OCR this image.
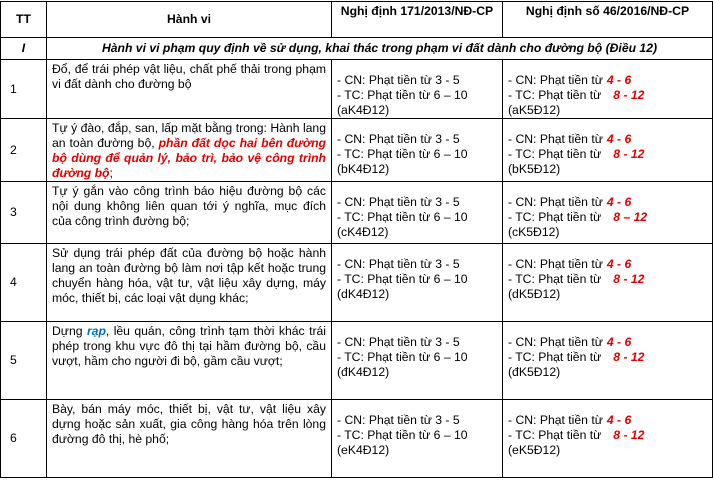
TT	Hành vi	Nghị định 171/2013/NĐ-CP	Nghị định số 46/2016/NĐ-CP
I	Hành vi vi phạm quy định về sử dụng, khai thác trong phạm vi đất dành cho đường bộ (Điều 12)		
1	Đổ, để trái phép vật liệu, chất phế thải trong phạm vi đất dành cho đường bộ	- CN: Phạt tiền từ 3 - 5
- TC: Phạt tiền từ 6 – 10
(aK4Đ12)	- CN: Phạt tiền từ 4 - 6
- TC: Phạt tiền từ 8 - 12
(aK5Đ12)

2	Tự ý đào, đắp, san, lấp mặt bằng trong: Hành lang an toàn đường bộ, phần đất dọc hai bên đường bộ dùng để quản lý, bảo trì, bảo vệ công trình đường bộ;	- CN: Phạt tiền từ 3 - 5
- TC: Phạt tiền từ 6 – 10
(bK4Đ12)	- CN: Phạt tiền từ 4 - 6
- TC: Phạt tiền từ 8 - 12
(bK5Đ12)

3	Tự ý gắn vào công trình báo hiệu đường bộ các nội dung không liên quan tới ý nghĩa, mục đích của công trình đường bộ;	- CN: Phạt tiền từ 3 - 5
- TC: Phạt tiền từ 6 – 10
(cK4Đ12)	- CN: Phạt tiền từ 4 - 6
- TC: Phạt tiền từ 8 – 12
(cK5Đ12)

4	Sử dụng trái phép đất của đường bộ hoặc hành lang an toàn đường bộ làm nơi tập kết hoặc trung chuyển hàng hóa, vật tư, vật liệu xây dựng, máy móc, thiết bị, các loại vật dụng khác;	- CN: Phạt tiền từ 3 - 5
- TC: Phạt tiền từ 6 – 10
(dK4Đ12)	- CN: Phạt tiền từ 4 - 6
- TC: Phạt tiền từ 8 - 12
(dK5Đ12)

5	Dựng rạp, lều quán, công trình tạm thời khác trái phép trong khu vực đô thị tại hầm đường bộ, cầu vượt, hầm cho người đi bộ, gầm cầu vượt;	- CN: Phạt tiền từ 3 - 5
- TC: Phạt tiền từ 6 – 10
(đK4Đ12)	- CN: Phạt tiền từ 4 - 6
- TC: Phạt tiền từ 8 - 12
(đK5Đ12)

6	Bày, bán máy móc, thiết bị, vật tư, vật liệu xây dựng hoặc sản xuất, gia công hàng hóa trên lòng đường đô thị, hè phố;	- CN: Phạt tiền từ 3 - 5
- TC: Phạt tiền từ 6 – 10
(eK4Đ12)	- CN: Phạt tiền từ 4 - 6
- TC: Phạt tiền từ 8 - 12
(eK5Đ12)
